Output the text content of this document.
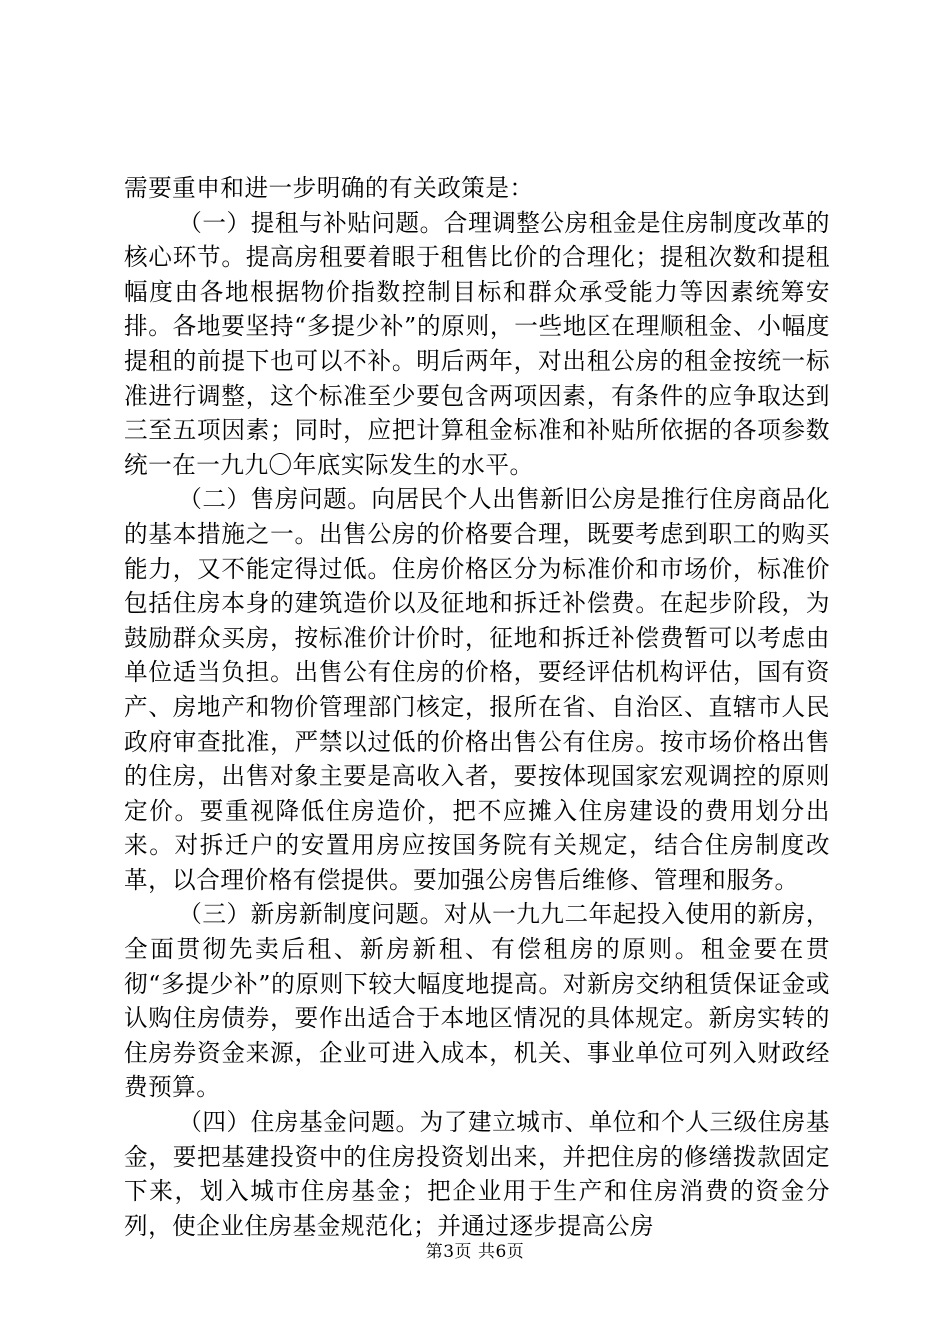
需要重申和进一步明确的有关政策是：

（一）提租与补贴问题。合理调整公房租金是住房制度改革的核心环节。提高房租要着眼于租售比价的合理化；提租次数和提租幅度由各地根据物价指数控制目标和群众承受能力等因素统筹安排。各地要坚持“多提少补”的原则，一些地区在理顺租金、小幅度提租的前提下也可以不补。明后两年，对出租公房的租金按统一标准进行调整，这个标准至少要包含两项因素，有条件的应争取达到三至五项因素；同时，应把计算租金标准和补贴所依据的各项参数统一在一九九〇年底实际发生的水平。

（二）售房问题。向居民个人出售新旧公房是推行住房商品化的基本措施之一。出售公房的价格要合理，既要考虑到职工的购买能力，又不能定得过低。住房价格区分为标准价和市场价，标准价包括住房本身的建筑造价以及征地和拆迁补偿费。在起步阶段，为鼓励群众买房，按标准价计价时，征地和拆迁补偿费暂可以考虑由单位适当负担。出售公有住房的价格，要经评估机构评估，国有资产、房地产和物价管理部门核定，报所在省、自治区、直辖市人民政府审查批准，严禁以过低的价格出售公有住房。按市场价格出售的住房，出售对象主要是高收入者，要按体现国家宏观调控的原则定价。要重视降低住房造价，把不应摊入住房建设的费用划分出来。对拆迁户的安置用房应按国务院有关规定，结合住房制度改革，以合理价格有偿提供。要加强公房售后维修、管理和服务。

（三）新房新制度问题。对从一九九二年起投入使用的新房，全面贯彻先卖后租、新房新租、有偿租房的原则。租金要在贯彻“多提少补”的原则下较大幅度地提高。对新房交纳租赁保证金或认购住房债券，要作出适合于本地区情况的具体规定。新房实转的住房券资金来源，企业可进入成本，机关、事业单位可列入财政经费预算。

（四）住房基金问题。为了建立城市、单位和个人三级住房基金，要把基建投资中的住房投资划出来，并把住房的修缮拨款固定下来，划入城市住房基金；把企业用于生产和住房消费的资金分列，使企业住房基金规范化；并通过逐步提高公房

第3页 共6页
